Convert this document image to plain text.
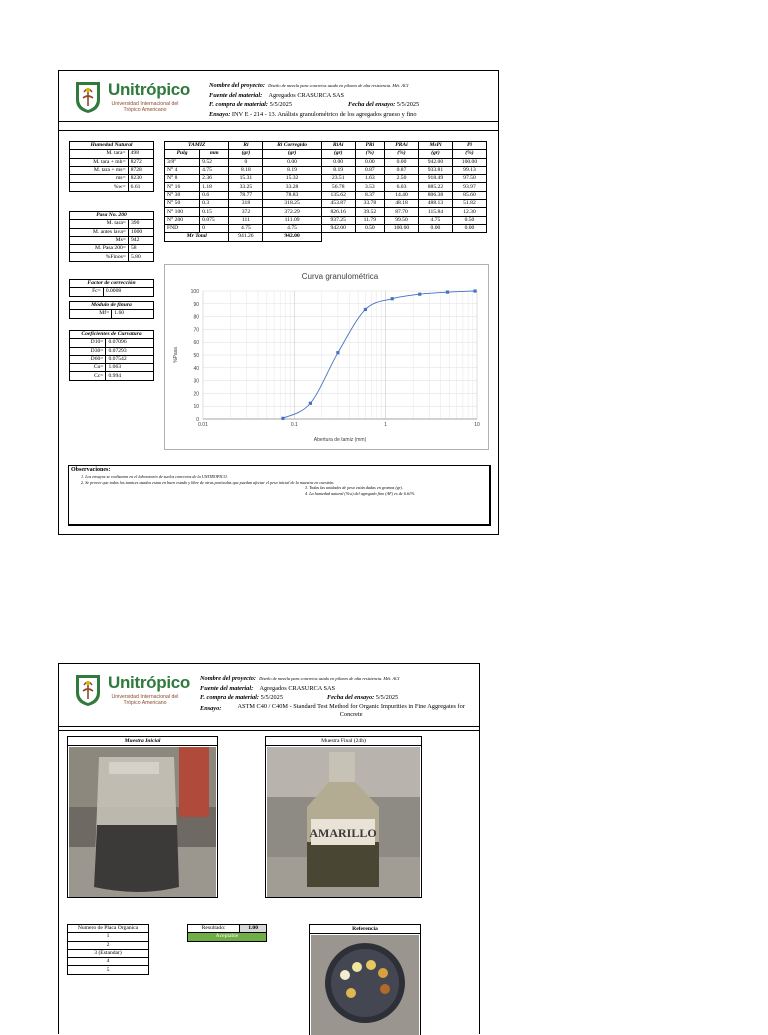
Unitrópico
Universidad Internacional del Trópico Americano
Nombre del proyecto: Diseño de mezcla para concretos usado en pilones de alta resistencia. Mét. ACI
Fuente del material: Agregados CRASURCA SAS
F. compra de material: 5/5/2025	Fecha del ensayo: 5/5/2025
Ensayo: INV E - 214 - 13. Análisis granulométrico de los agregados grueso y fino
Humedad Natural	
M. tara=	498
M. tara + mh=	8272
M. tara + ms=	8728
ms=	8230
%w=	6.61
Pasa No. 200	
M. tara=	390
M. antes lava=	1000
Ms=	942
M. Pasa 200=	58
%Finos=	5.80
Factor de corrección
Fc=	0.0008
Módulo de finura
Mf=	1.60
Coeficientes de Curvatura	
D10=	0.07096
D30=	0.07293
D60=	0.07542
Cu=	1.063
Cc=	0.994
TAMIZ		Ri	Ri Corregido	RiAi	PRi	PRAi	MsPi	Pi
Pulg	mm	(gr)	(gr)	(gr)	(%)	(%)	(gr)	(%)
3/8"	9.52	0	0.00	0.00	0.00	0.00	942.00	100.00
N° 4	4.75	8.18	8.19	8.19	0.87	0.87	933.81	99.13
N° 8	2.36	15.31	15.32	23.51	1.63	2.50	918.49	97.50
N° 16	1.18	33.25	33.28	56.78	3.53	6.03	885.22	93.97
N° 30	0.6	78.77	78.83	135.62	8.37	14.40	806.38	85.60
N° 50	0.3	318	318.25	453.87	33.78	48.18	488.13	51.82
N° 100	0.15	372	372.29	826.16	39.52	87.70	115.84	12.30
N° 200	0.075	111	111.09	937.25	11.79	99.50	4.75	0.50
FND	0	4.75	4.75	942.00	0.50	100.00	0.00	0.00
Mr Total		941.26	942.00					
Curva granulométrica
0
10
20
30
40
50
60
70
80
90
100
0.01	0.1	1	10
Abertura de tamiz (mm)
%Pasa
Observaciones:
1. Los ensayos se realizaron en el laboratorio de suelos concretos de la UNITROPICO.
2. Se provee que todos los tamices usados estan en buen estado y libre de otras particulas que puedan afectar el peso inicial de la muestra en cuestión.
3. Todas las unidades de peso están dadas en gramos (gr).
4. La humedad natural (%w) del agregado fino (AF) es de 6.61%
Unitrópico
Universidad Internacional del Trópico Americano
Nombre del proyecto: Diseño de mezcla para concretos usado en pilones de alta resistencia. Mét. ACI
Fuente del material: Agregados CRASURCA SAS
F. compra de material: 5/5/2025	Fecha del ensayo: 5/5/2025
Ensayo:	ASTM C40 / C40M - Standard Test Method for Organic Impurities in Fine Aggregates for Concrete
Muestra Inicial	Muestra Final (24h)
AMARILLO
Numero de Placa Organica
1
2
3 (Estandar)
4
5
Resultado:	1.00
Aceptable
Referencia
